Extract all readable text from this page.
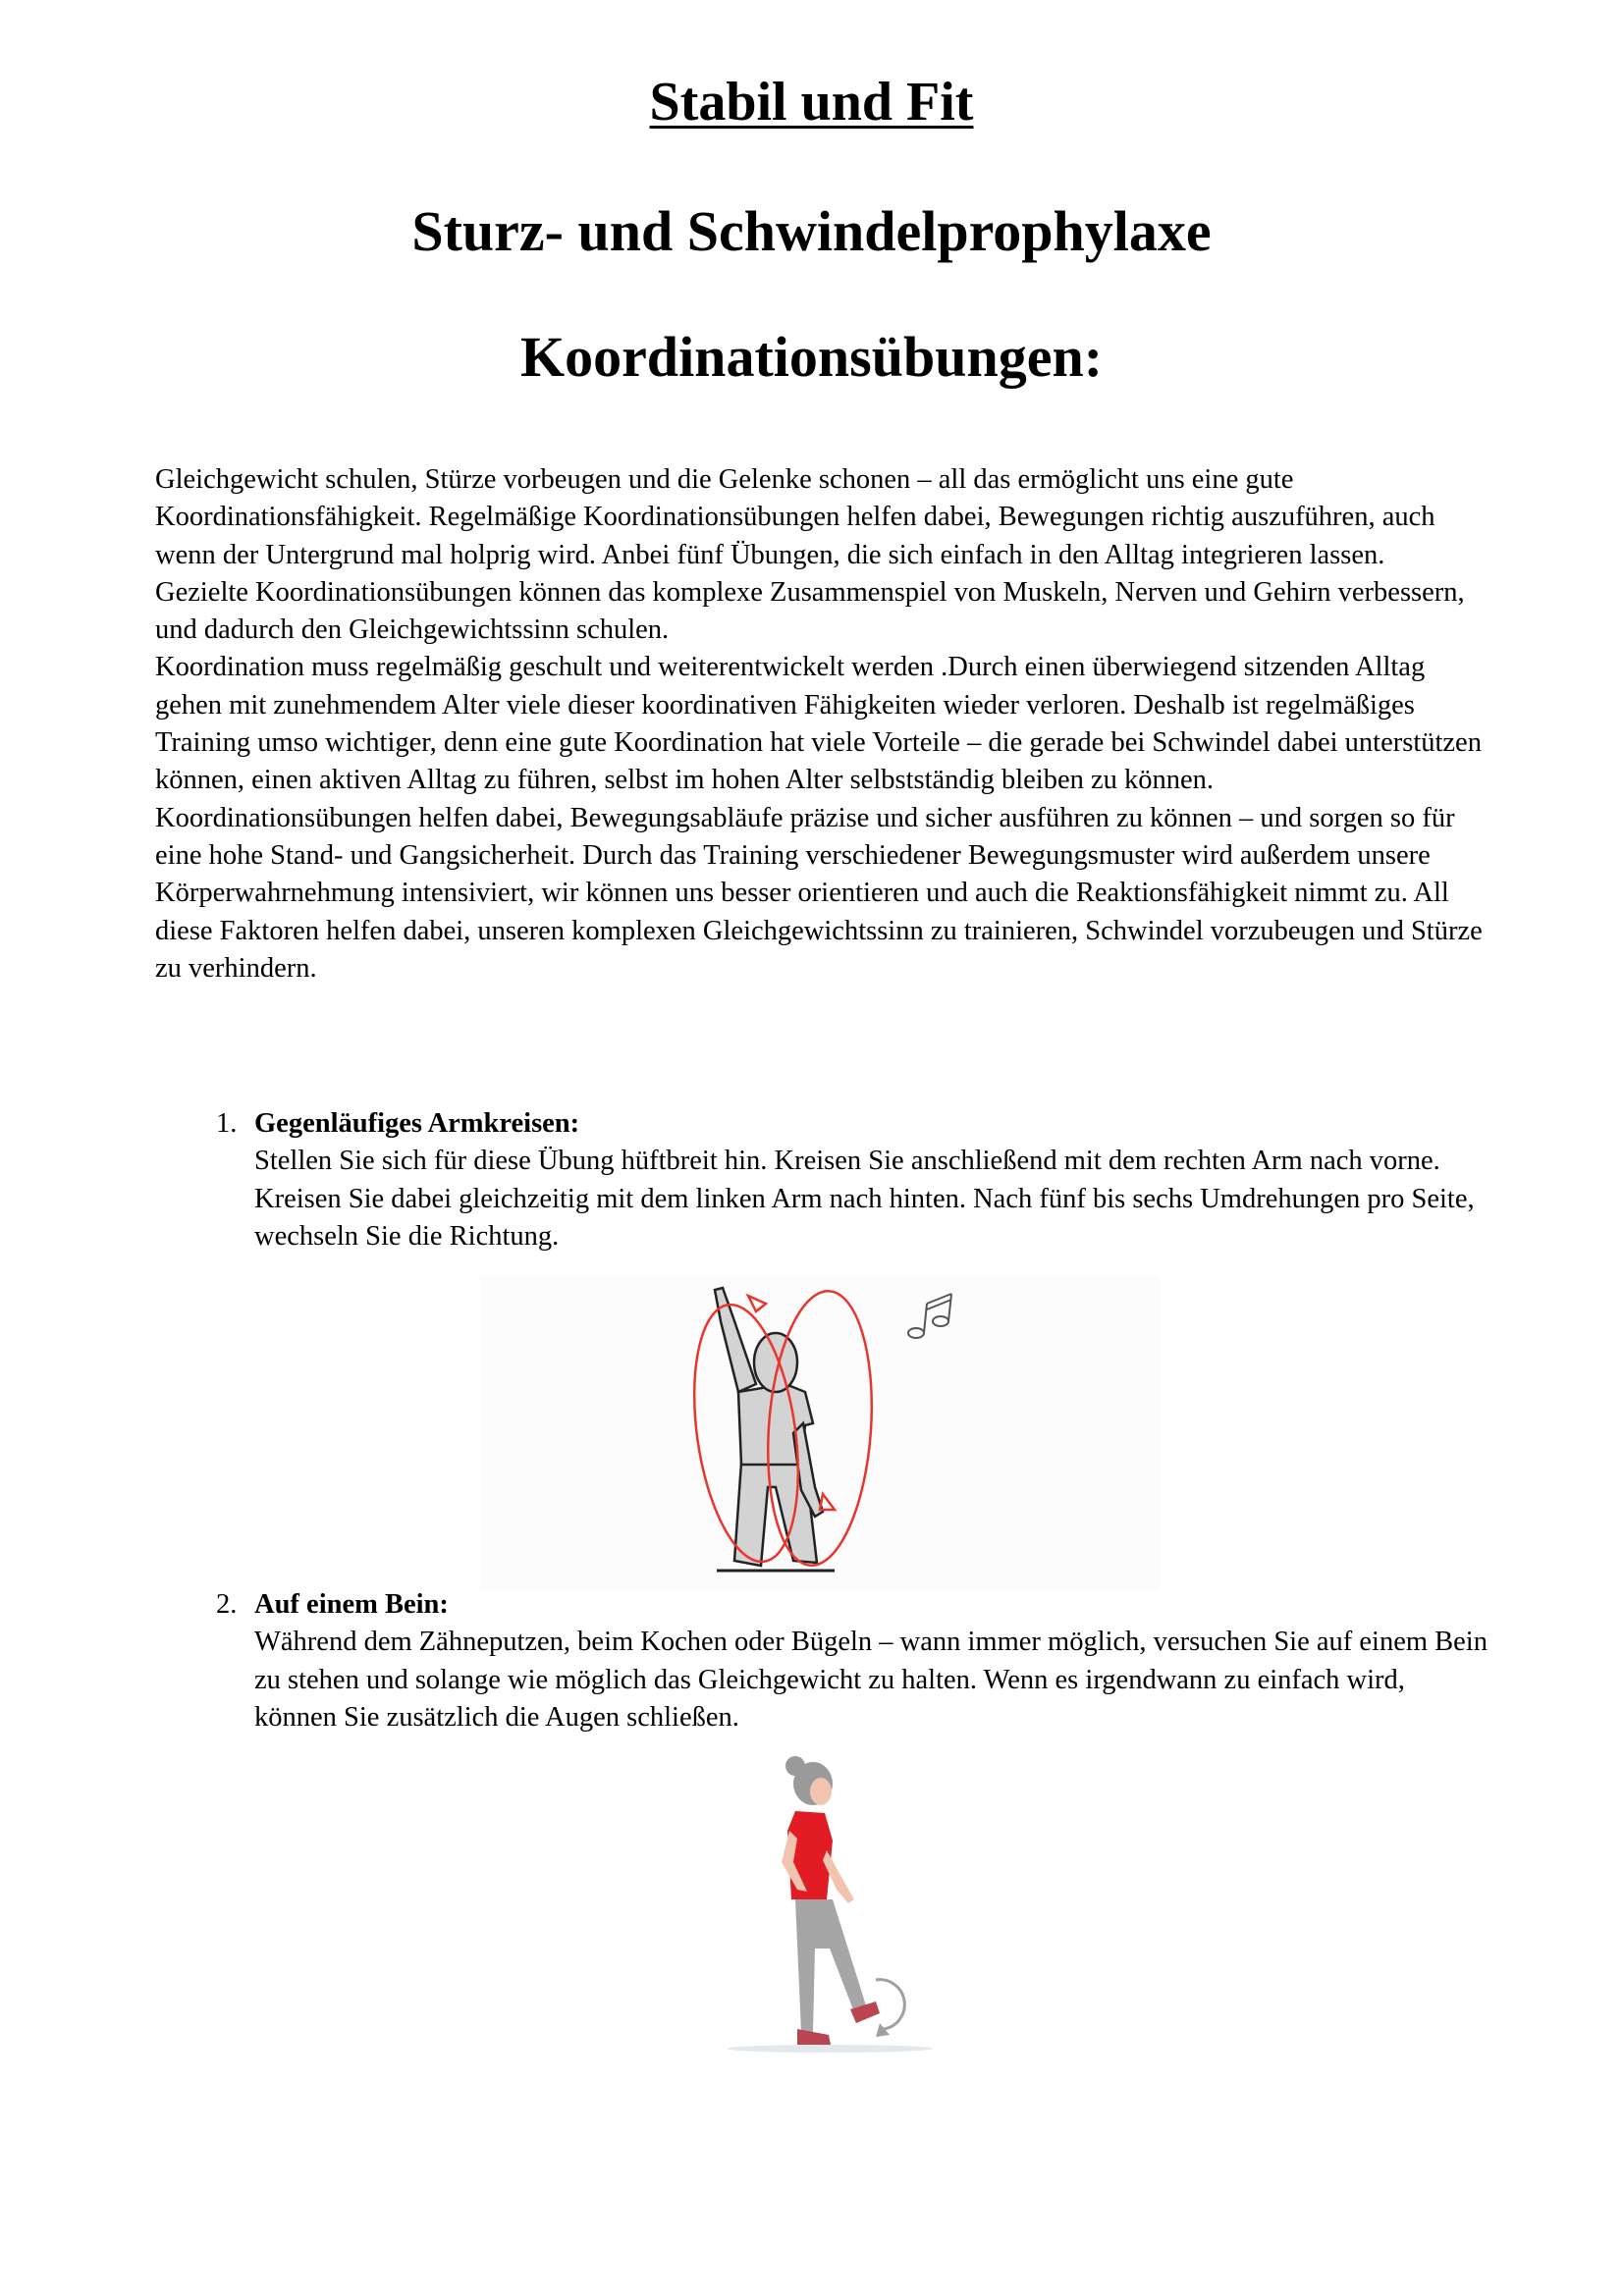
Stabil und Fit
Sturz- und Schwindelprophylaxe
Koordinationsübungen:

Gleichgewicht schulen, Stürze vorbeugen und die Gelenke schonen – all das ermöglicht uns eine gute Koordinationsfähigkeit. Regelmäßige Koordinationsübungen helfen dabei, Bewegungen richtig auszuführen, auch wenn der Untergrund mal holprig wird. Anbei fünf Übungen, die sich einfach in den Alltag integrieren lassen.

Gezielte Koordinationsübungen können das komplexe Zusammenspiel von Muskeln, Nerven und Gehirn verbessern, und dadurch den Gleichgewichtssinn schulen.

Koordination muss regelmäßig geschult und weiterentwickelt werden .Durch einen überwiegend sitzenden Alltag gehen mit zunehmendem Alter viele dieser koordinativen Fähigkeiten wieder verloren. Deshalb ist regelmäßiges Training umso wichtiger, denn eine gute Koordination hat viele Vorteile – die gerade bei Schwindel dabei unterstützen können, einen aktiven Alltag zu führen, selbst im hohen Alter selbstständig bleiben zu können.

Koordinationsübungen helfen dabei, Bewegungsabläufe präzise und sicher ausführen zu können – und sorgen so für eine hohe Stand- und Gangsicherheit. Durch das Training verschiedener Bewegungsmuster wird außerdem unsere Körperwahrnehmung intensiviert, wir können uns besser orientieren und auch die Reaktionsfähigkeit nimmt zu. All diese Faktoren helfen dabei, unseren komplexen Gleichgewichtssinn zu trainieren, Schwindel vorzubeugen und Stürze zu verhindern.

1. Gegenläufiges Armkreisen:
Stellen Sie sich für diese Übung hüftbreit hin. Kreisen Sie anschließend mit dem rechten Arm nach vorne. Kreisen Sie dabei gleichzeitig mit dem linken Arm nach hinten. Nach fünf bis sechs Umdrehungen pro Seite, wechseln Sie die Richtung.
2. Auf einem Bein:
Während dem Zähneputzen, beim Kochen oder Bügeln – wann immer möglich, versuchen Sie auf einem Bein zu stehen und solange wie möglich das Gleichgewicht zu halten. Wenn es irgendwann zu einfach wird, können Sie zusätzlich die Augen schließen.
